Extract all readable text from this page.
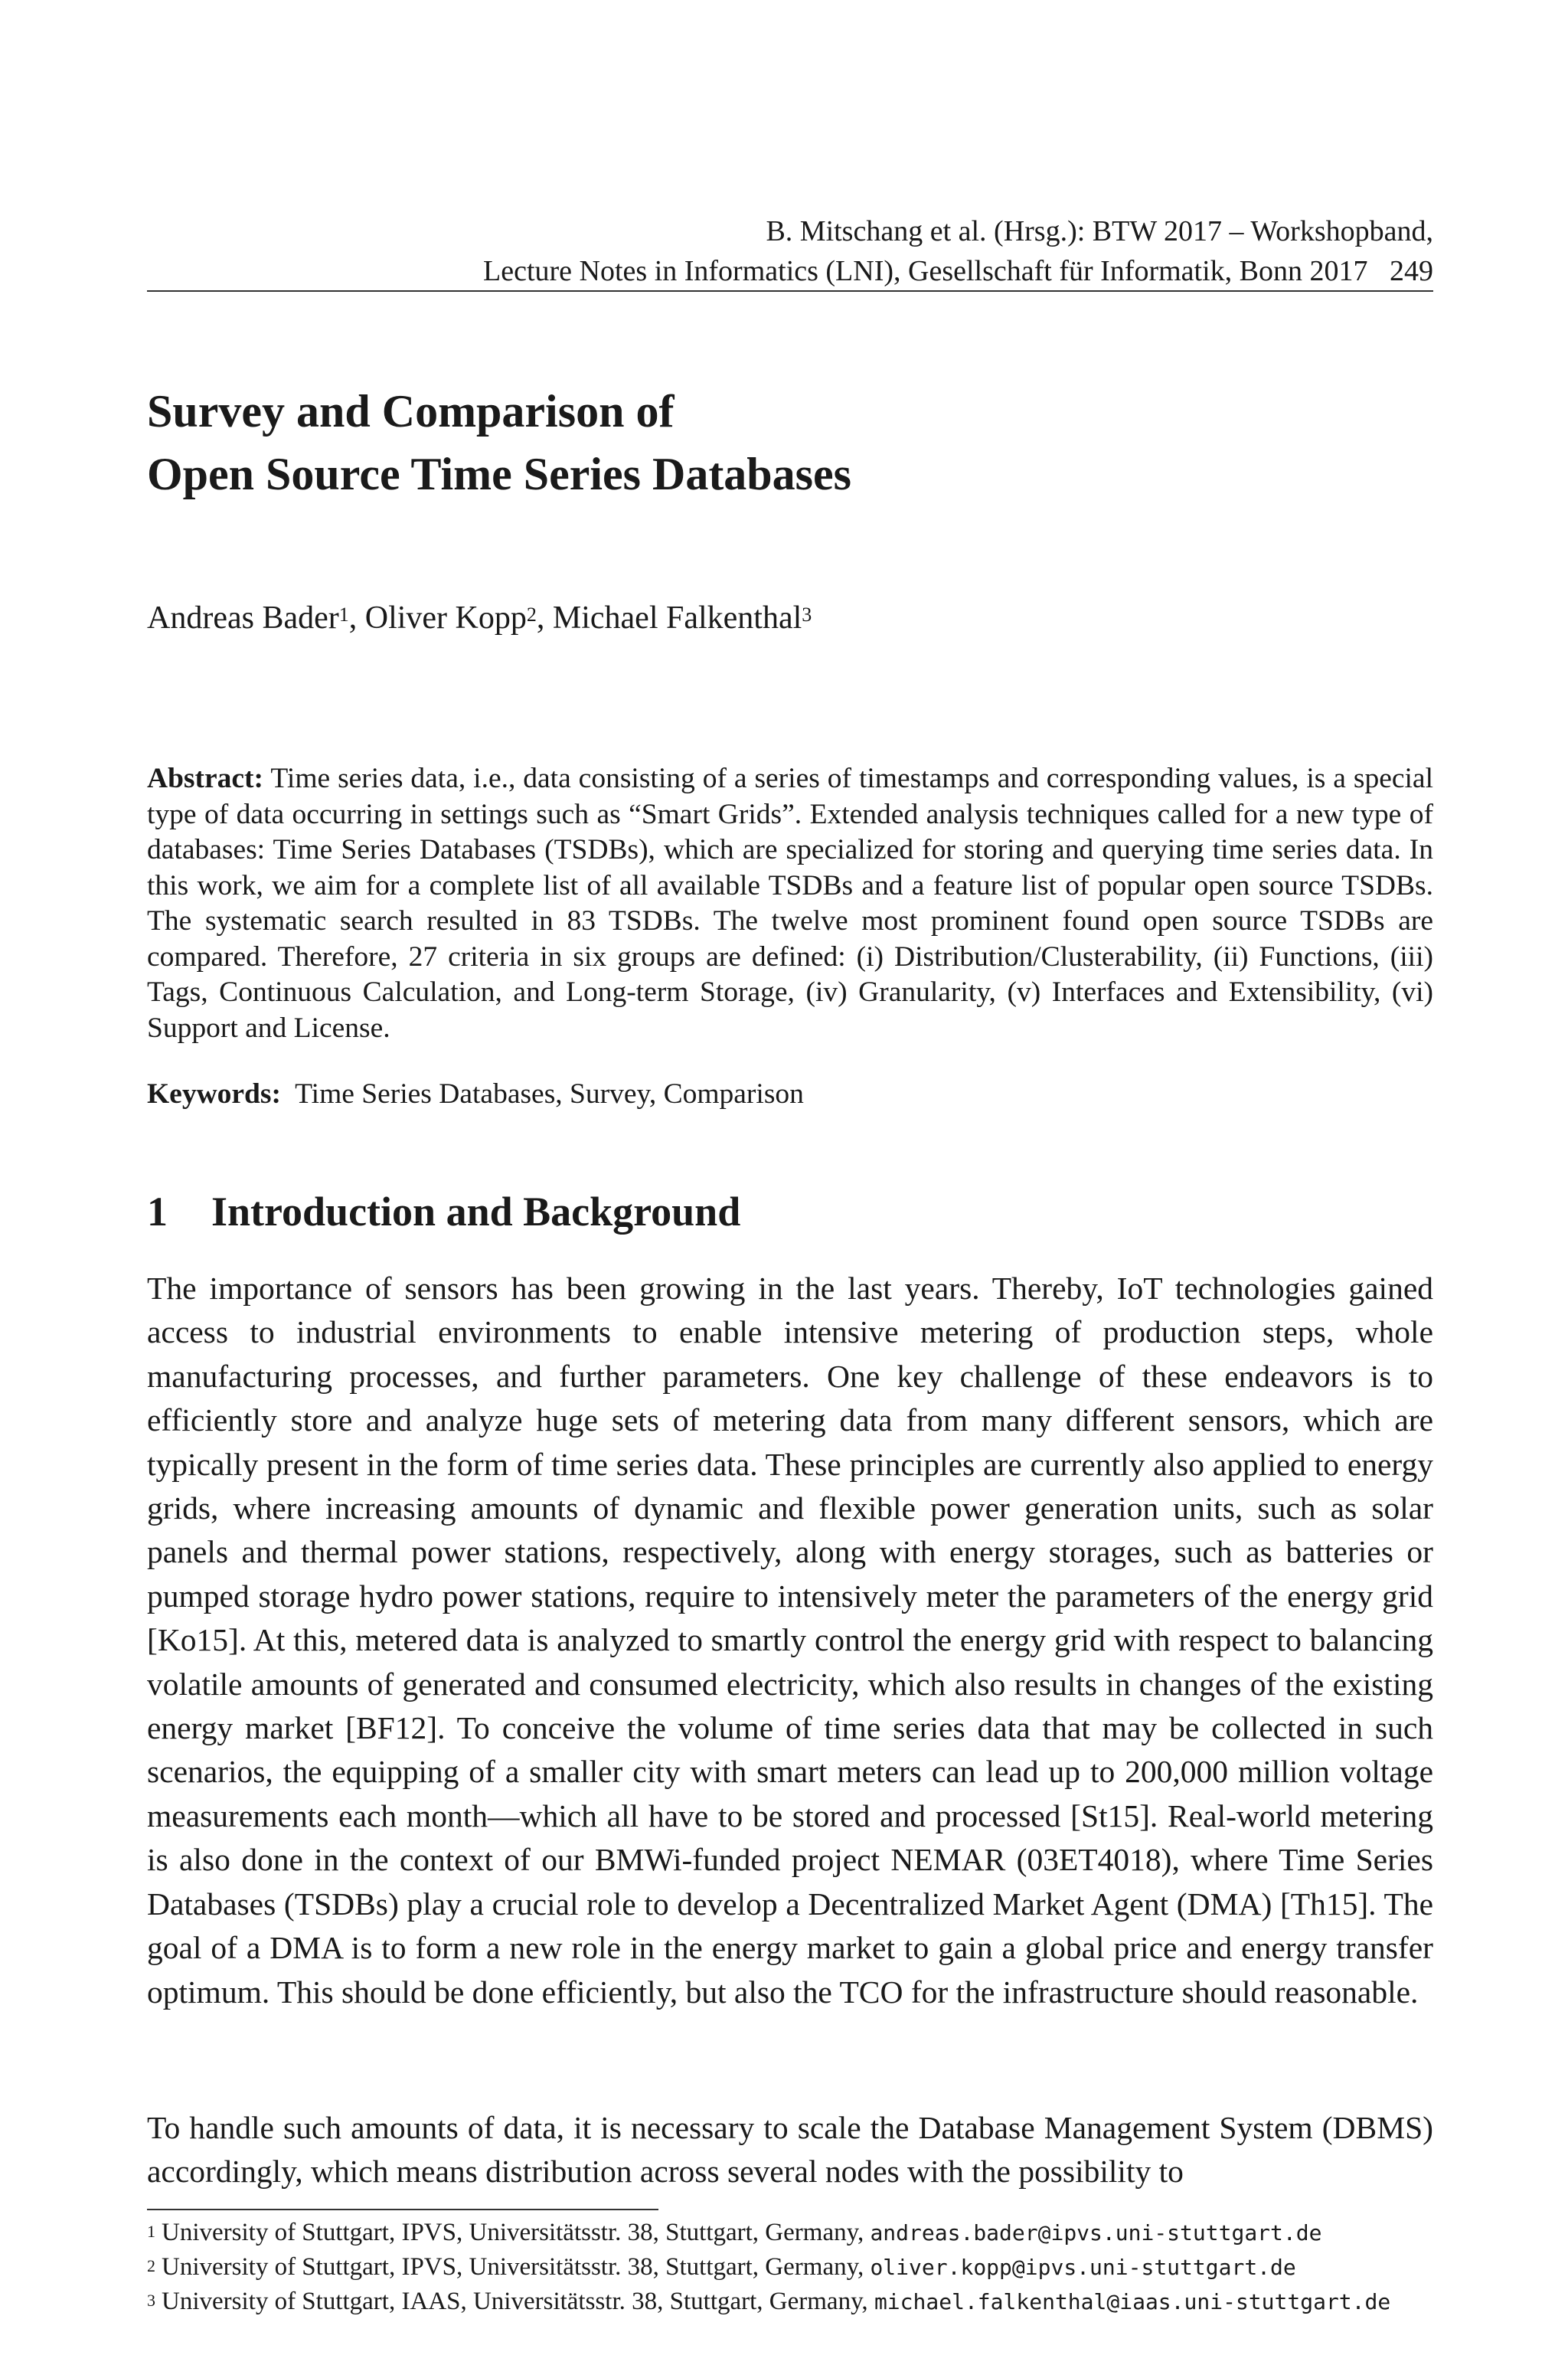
B. Mitschang et al. (Hrsg.): BTW 2017 – Workshopband,
Lecture Notes in Informatics (LNI), Gesellschaft für Informatik, Bonn 2017 249
Survey and Comparison of
Open Source Time Series Databases
Andreas Bader$^1$, Oliver Kopp$^2$, Michael Falkenthal$^3$

Abstract: Time series data, i.e., data consisting of a series of timestamps and corresponding values, is a special type of data occurring in settings such as “Smart Grids”. Extended analysis techniques called for a new type of databases: Time Series Databases (TSDBs), which are specialized for storing and querying time series data. In this work, we aim for a complete list of all available TSDBs and a feature list of popular open source TSDBs. The systematic search resulted in 83 TSDBs. The twelve most prominent found open source TSDBs are compared. Therefore, 27 criteria in six groups are defined: (i) Distribution/Clusterability, (ii) Functions, (iii) Tags, Continuous Calculation, and Long-term Storage, (iv) Granularity, (v) Interfaces and Extensibility, (vi) Support and License.

Keywords: Time Series Databases, Survey, Comparison
1 Introduction and Background

The importance of sensors has been growing in the last years. Thereby, IoT technologies gained access to industrial environments to enable intensive metering of production steps, whole manufacturing processes, and further parameters. One key challenge of these endeavors is to efficiently store and analyze huge sets of metering data from many different sensors, which are typically present in the form of time series data. These principles are currently also applied to energy grids, where increasing amounts of dynamic and flexible power generation units, such as solar panels and thermal power stations, respectively, along with energy storages, such as batteries or pumped storage hydro power stations, require to intensively meter the parameters of the energy grid [Ko15]. At this, metered data is analyzed to smartly control the energy grid with respect to balancing volatile amounts of generated and consumed electricity, which also results in changes of the existing energy market [BF12]. To conceive the volume of time series data that may be collected in such scenarios, the equipping of a smaller city with smart meters can lead up to 200,000 million voltage measurements each month—which all have to be stored and processed [St15]. Real-world metering is also done in the context of our BMWi-funded project NEMAR (03ET4018), where Time Series Databases (TSDBs) play a crucial role to develop a Decentralized Market Agent (DMA) [Th15]. The goal of a DMA is to form a new role in the energy market to gain a global price and energy transfer optimum. This should be done efficiently, but also the TCO for the infrastructure should reasonable.

To handle such amounts of data, it is necessary to scale the Database Management System (DBMS) accordingly, which means distribution across several nodes with the possibility to

$^1$ University of Stuttgart, IPVS, Universitätsstr. 38, Stuttgart, Germany, andreas.bader@ipvs.uni-stuttgart.de
$^2$ University of Stuttgart, IPVS, Universitätsstr. 38, Stuttgart, Germany, oliver.kopp@ipvs.uni-stuttgart.de
$^3$ University of Stuttgart, IAAS, Universitätsstr. 38, Stuttgart, Germany, michael.falkenthal@iaas.uni-stuttgart.de
